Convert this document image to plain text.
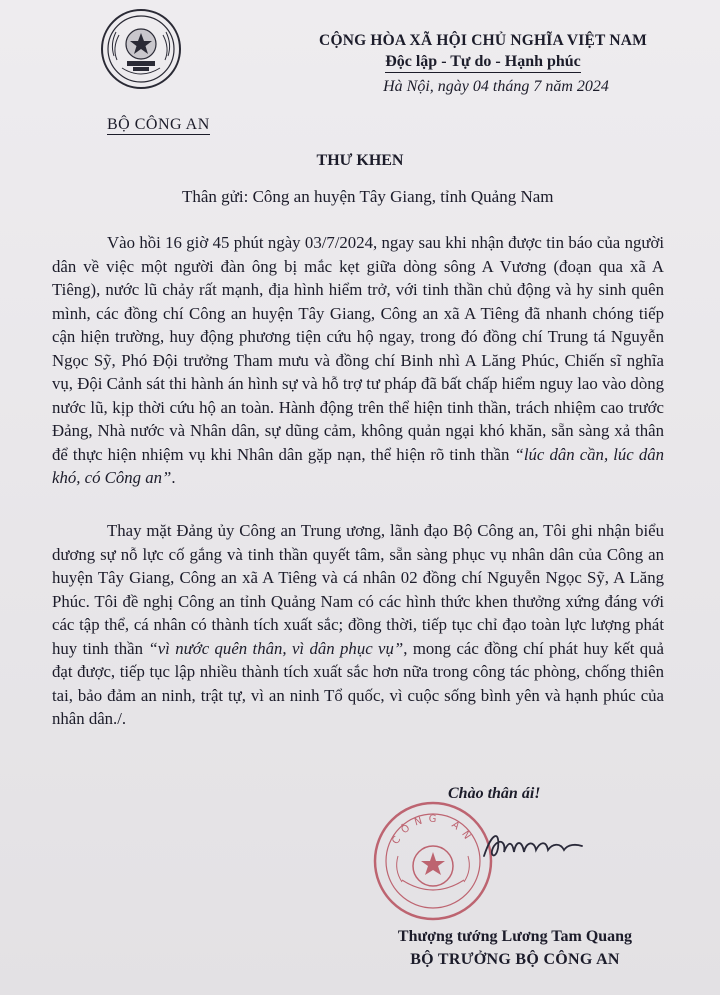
BỘ CÔNG AN
CỘNG HÒA XÃ HỘI CHỦ NGHĨA VIỆT NAM
Độc lập - Tự do - Hạnh phúc
Hà Nội, ngày 04 tháng 7 năm 2024
THƯ KHEN
Thân gửi: Công an huyện Tây Giang, tỉnh Quảng Nam

Vào hồi 16 giờ 45 phút ngày 03/7/2024, ngay sau khi nhận được tin báo của người dân về việc một người đàn ông bị mắc kẹt giữa dòng sông A Vương (đoạn qua xã A Tiêng), nước lũ chảy rất mạnh, địa hình hiểm trở, với tinh thần chủ động và hy sinh quên mình, các đồng chí Công an huyện Tây Giang, Công an xã A Tiêng đã nhanh chóng tiếp cận hiện trường, huy động phương tiện cứu hộ ngay, trong đó đồng chí Trung tá Nguyễn Ngọc Sỹ, Phó Đội trưởng Tham mưu và đồng chí Binh nhì A Lăng Phúc, Chiến sĩ nghĩa vụ, Đội Cảnh sát thi hành án hình sự và hỗ trợ tư pháp đã bất chấp hiểm nguy lao vào dòng nước lũ, kịp thời cứu hộ an toàn. Hành động trên thể hiện tinh thần, trách nhiệm cao trước Đảng, Nhà nước và Nhân dân, sự dũng cảm, không quản ngại khó khăn, sẵn sàng xả thân để thực hiện nhiệm vụ khi Nhân dân gặp nạn, thể hiện rõ tinh thần “lúc dân cần, lúc dân khó, có Công an”.

Thay mặt Đảng ủy Công an Trung ương, lãnh đạo Bộ Công an, Tôi ghi nhận biểu dương sự nỗ lực cố gắng và tinh thần quyết tâm, sẵn sàng phục vụ nhân dân của Công an huyện Tây Giang, Công an xã A Tiêng và cá nhân 02 đồng chí Nguyễn Ngọc Sỹ, A Lăng Phúc. Tôi đề nghị Công an tỉnh Quảng Nam có các hình thức khen thưởng xứng đáng với các tập thể, cá nhân có thành tích xuất sắc; đồng thời, tiếp tục chỉ đạo toàn lực lượng phát huy tinh thần “vì nước quên thân, vì dân phục vụ”, mong các đồng chí phát huy kết quả đạt được, tiếp tục lập nhiều thành tích xuất sắc hơn nữa trong công tác phòng, chống thiên tai, bảo đảm an ninh, trật tự, vì an ninh Tổ quốc, vì cuộc sống bình yên và hạnh phúc của nhân dân./.

Chào thân ái!
CÔNG AN
Thượng tướng Lương Tam Quang
BỘ TRƯỞNG BỘ CÔNG AN
